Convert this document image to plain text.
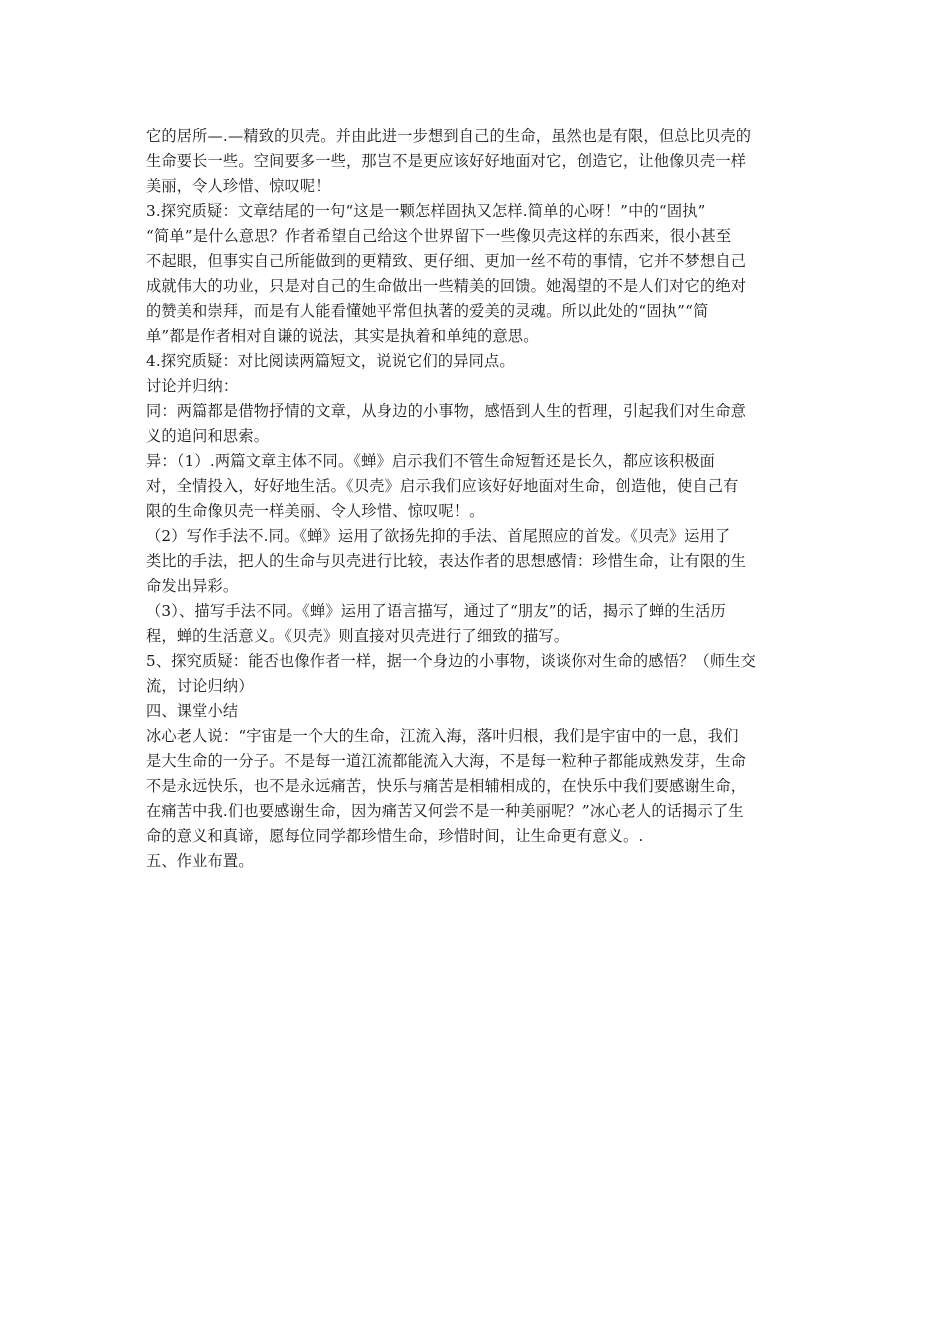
它的居所—.—精致的贝壳。并由此进一步想到自己的生命，虽然也是有限，但总比贝壳的
生命要长一些。空间要多一些，那岂不是更应该好好地面对它，创造它，让他像贝壳一样
美丽，令人珍惜、惊叹呢！
3.探究质疑：文章结尾的一句“这是一颗怎样固执又怎样.简单的心呀！”中的“固执”
“简单”是什么意思？作者希望自己给这个世界留下一些像贝壳这样的东西来，很小甚至
不起眼，但事实自己所能做到的更精致、更仔细、更加一丝不苟的事情，它并不梦想自己
成就伟大的功业，只是对自己的生命做出一些精美的回馈。她渴望的不是人们对它的绝对
的赞美和崇拜，而是有人能看懂她平常但执著的爱美的灵魂。所以此处的“固执”“简
单”都是作者相对自谦的说法，其实是执着和单纯的意思。
4.探究质疑：对比阅读两篇短文，说说它们的异同点。
讨论并归纳：
同：两篇都是借物抒情的文章，从身边的小事物，感悟到人生的哲理，引起我们对生命意
义的追问和思索。
异：（1）.两篇文章主体不同。《蝉》启示我们不管生命短暂还是长久，都应该积极面
对，全情投入，好好地生活。《贝壳》启示我们应该好好地面对生命，创造他，使自己有
限的生命像贝壳一样美丽、令人珍惜、惊叹呢！。
（2）写作手法不.同。《蝉》运用了欲扬先抑的手法、首尾照应的首发。《贝壳》运用了
类比的手法，把人的生命与贝壳进行比较，表达作者的思想感情：珍惜生命，让有限的生
命发出异彩。
（3）、描写手法不同。《蝉》运用了语言描写，通过了“朋友”的话，揭示了蝉的生活历
程，蝉的生活意义。《贝壳》则直接对贝壳进行了细致的描写。
5、探究质疑：能否也像作者一样，据一个身边的小事物，谈谈你对生命的感悟？（师生交
流，讨论归纳）
四、课堂小结
冰心老人说：“宇宙是一个大的生命，江流入海，落叶归根，我们是宇宙中的一息，我们
是大生命的一分子。不是每一道江流都能流入大海，不是每一粒种子都能成熟发芽，生命
不是永远快乐，也不是永远痛苦，快乐与痛苦是相辅相成的，在快乐中我们要感谢生命，
在痛苦中我.们也要感谢生命，因为痛苦又何尝不是一种美丽呢？”冰心老人的话揭示了生
命的意义和真谛，愿每位同学都珍惜生命，珍惜时间，让生命更有意义。.
五、作业布置。
